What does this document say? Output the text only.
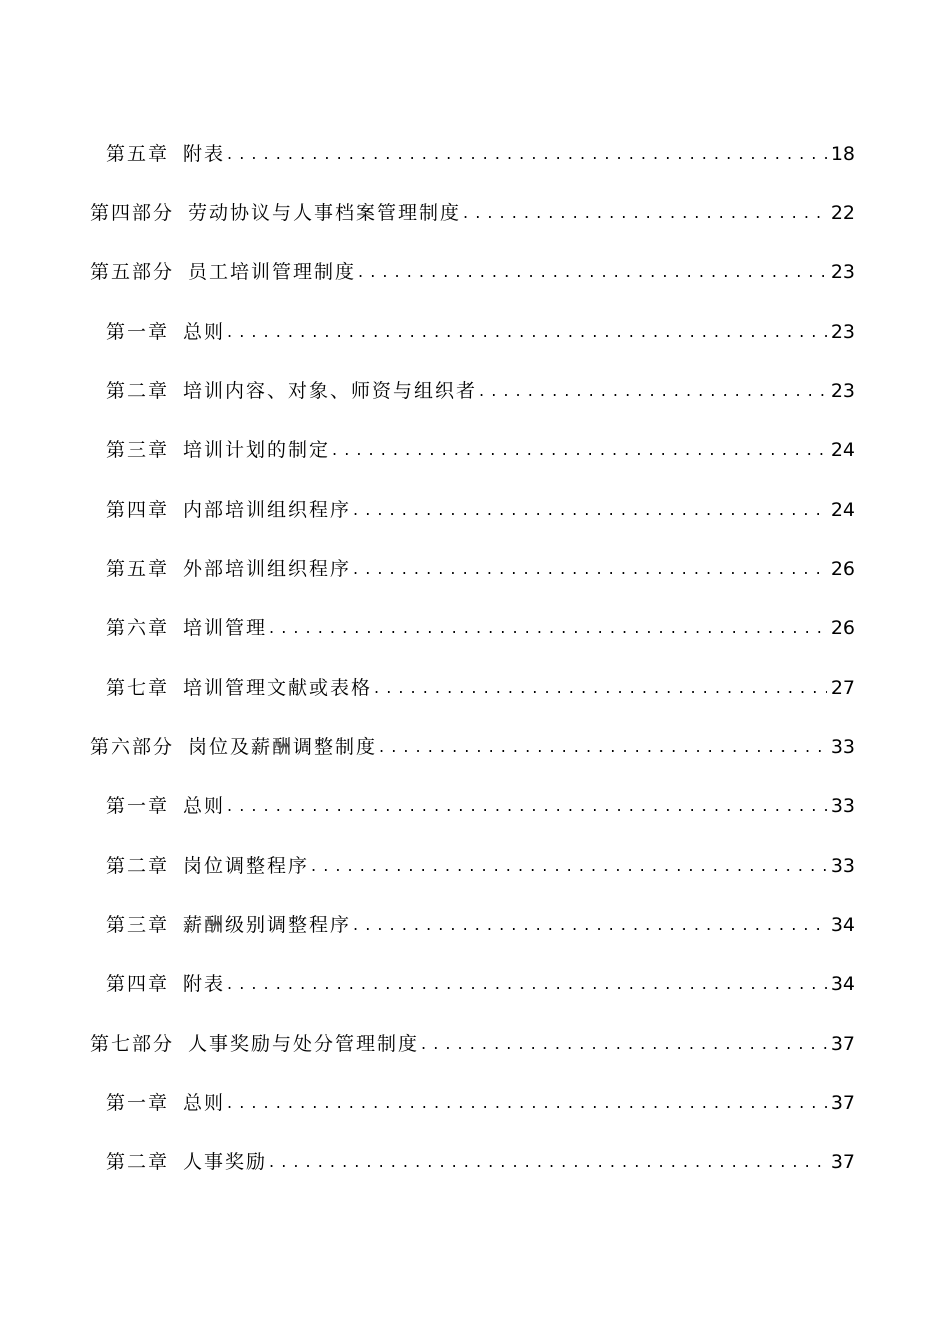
第五章 附表 . . .	18
第四部分 劳动协议与人事档案管理制度 . . .	22
第五部分 员工培训管理制度 . . .	23
第一章 总则 . . .	23
第二章 培训内容、对象、师资与组织者 . . .	23
第三章 培训计划的制定 . . .	24
第四章 内部培训组织程序 . . .	24
第五章 外部培训组织程序 . . .	26
第六章 培训管理 . . .	26
第七章 培训管理文献或表格 . . .	27
第六部分 岗位及薪酬调整制度 . . .	33
第一章 总则 . . .	33
第二章 岗位调整程序 . . .	33
第三章 薪酬级别调整程序 . . .	34
第四章 附表 . . .	34
第七部分 人事奖励与处分管理制度 . . .	37
第一章 总则 . . .	37
第二章 人事奖励 . . .	37
